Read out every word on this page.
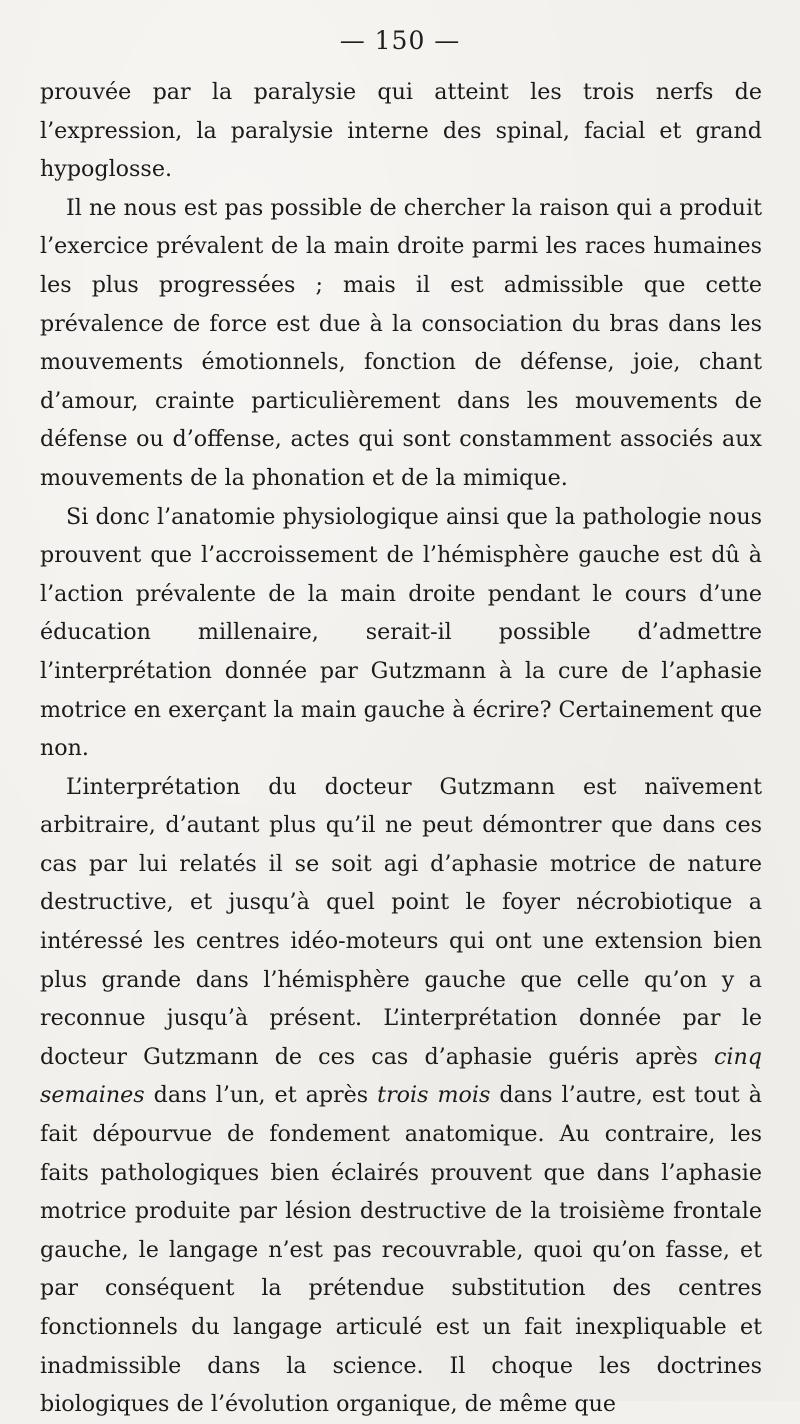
— 150 —

prouvée par la paralysie qui atteint les trois nerfs de l’expression, la paralysie interne des spinal, facial et grand hypoglosse.

Il ne nous est pas possible de chercher la raison qui a produit l’exercice prévalent de la main droite parmi les races humaines les plus progressées ; mais il est admissible que cette prévalence de force est due à la consociation du bras dans les mouvements émotionnels, fonction de défense, joie, chant d’amour, crainte particulièrement dans les mouvements de défense ou d’offense, actes qui sont constamment associés aux mouvements de la phonation et de la mimique.

Si donc l’anatomie physiologique ainsi que la pathologie nous prouvent que l’accroissement de l’hémisphère gauche est dû à l’action prévalente de la main droite pendant le cours d’une éducation millenaire, serait-il possible d’admettre l’interprétation donnée par Gutzmann à la cure de l’aphasie motrice en exerçant la main gauche à écrire? Certainement que non.

L’interprétation du docteur Gutzmann est naïvement arbitraire, d’autant plus qu’il ne peut démontrer que dans ces cas par lui relatés il se soit agi d’aphasie motrice de nature destructive, et jusqu’à quel point le foyer nécrobiotique a intéressé les centres idéo-moteurs qui ont une extension bien plus grande dans l’hémisphère gauche que celle qu’on y a reconnue jusqu’à présent. L’interprétation donnée par le docteur Gutzmann de ces cas d’aphasie guéris après cinq semaines dans l’un, et après trois mois dans l’autre, est tout à fait dépourvue de fondement anatomique. Au contraire, les faits pathologiques bien éclairés prouvent que dans l’aphasie motrice produite par lésion destructive de la troisième frontale gauche, le langage n’est pas recouvrable, quoi qu’on fasse, et par conséquent la prétendue substitution des centres fonctionnels du langage articulé est un fait inexpliquable et inadmissible dans la science. Il choque les doctrines biologiques de l’évolution organique, de même que
